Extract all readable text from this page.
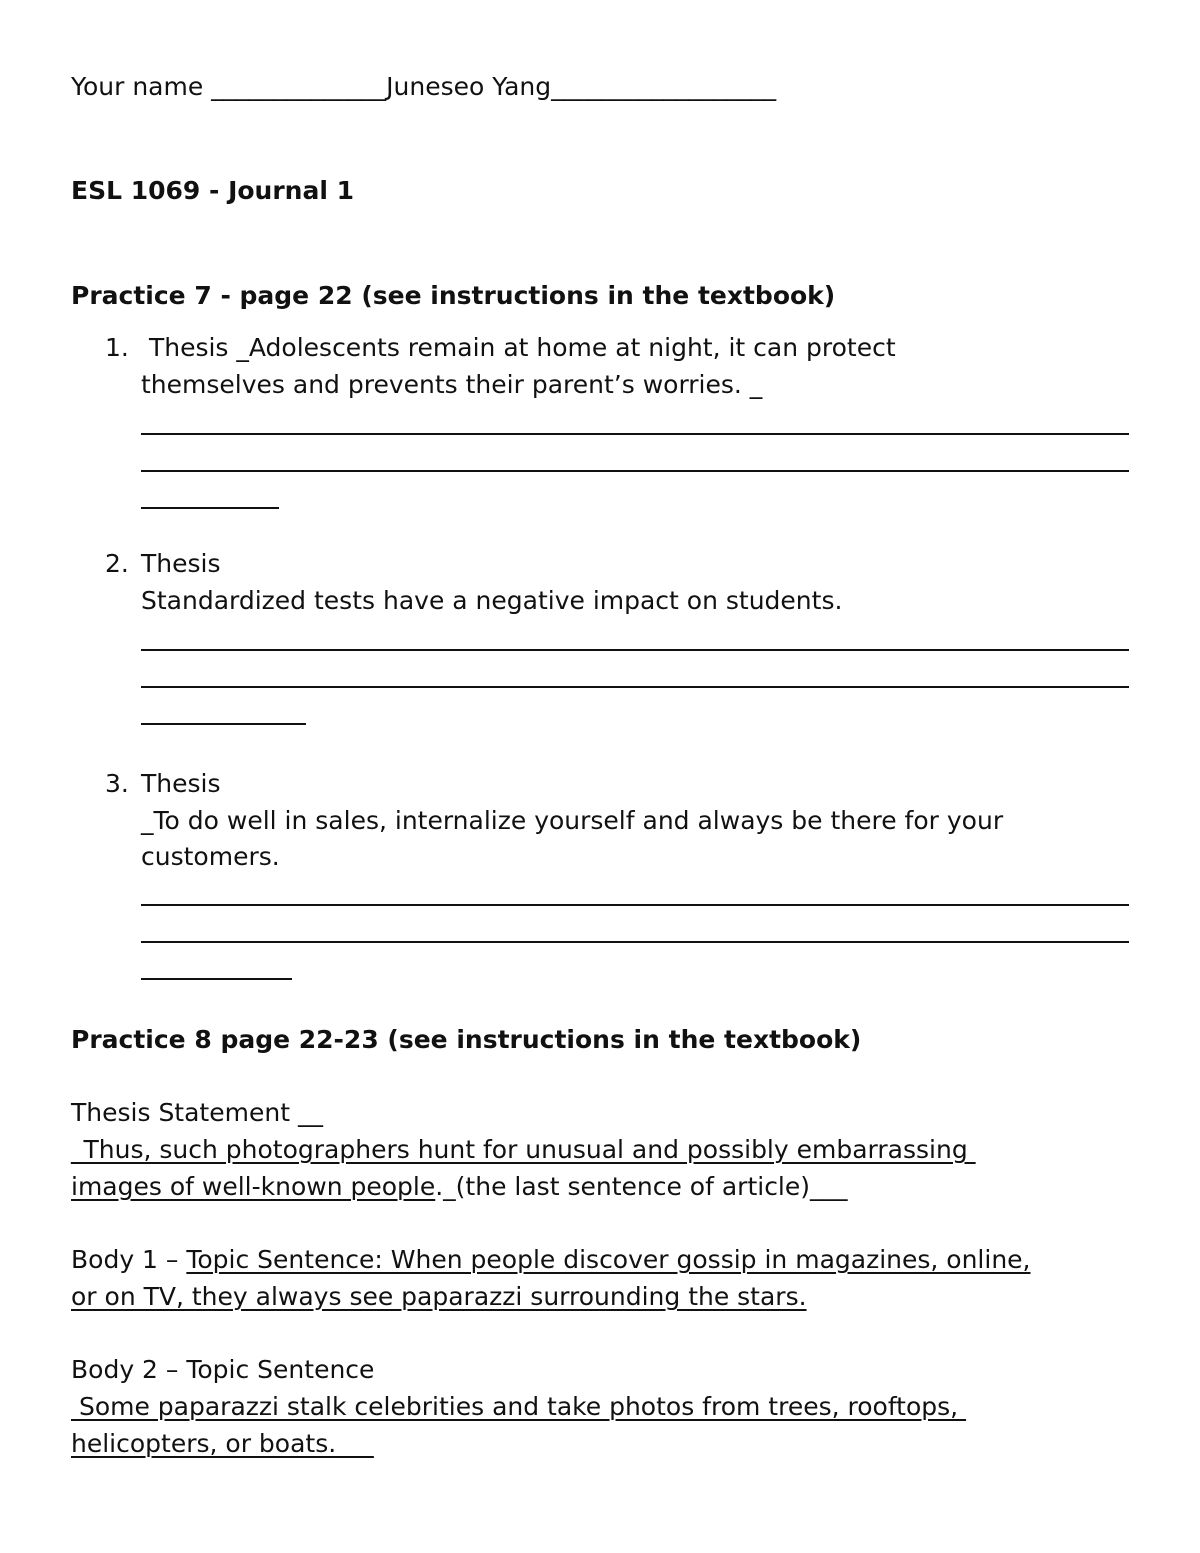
Your name ______________Juneseo Yang__________________
ESL 1069 - Journal 1
Practice 7 - page 22 (see instructions in the textbook)
1. Thesis _Adolescents remain at home at night, it can protect
themselves and prevents their parent’s worries. _
2. Thesis
Standardized tests have a negative impact on students.
3. Thesis
_To do well in sales, internalize yourself and always be there for your
customers.
Practice 8 page 22-23 (see instructions in the textbook)
Thesis Statement __
_Thus, such photographers hunt for unusual and possibly embarrassing
images of well-known people._(the last sentence of article)___
Body 1 – Topic Sentence: When people discover gossip in magazines, online,
or on TV, they always see paparazzi surrounding the stars.
Body 2 – Topic Sentence
Some paparazzi stalk celebrities and take photos from trees, rooftops,
helicopters, or boats.___
